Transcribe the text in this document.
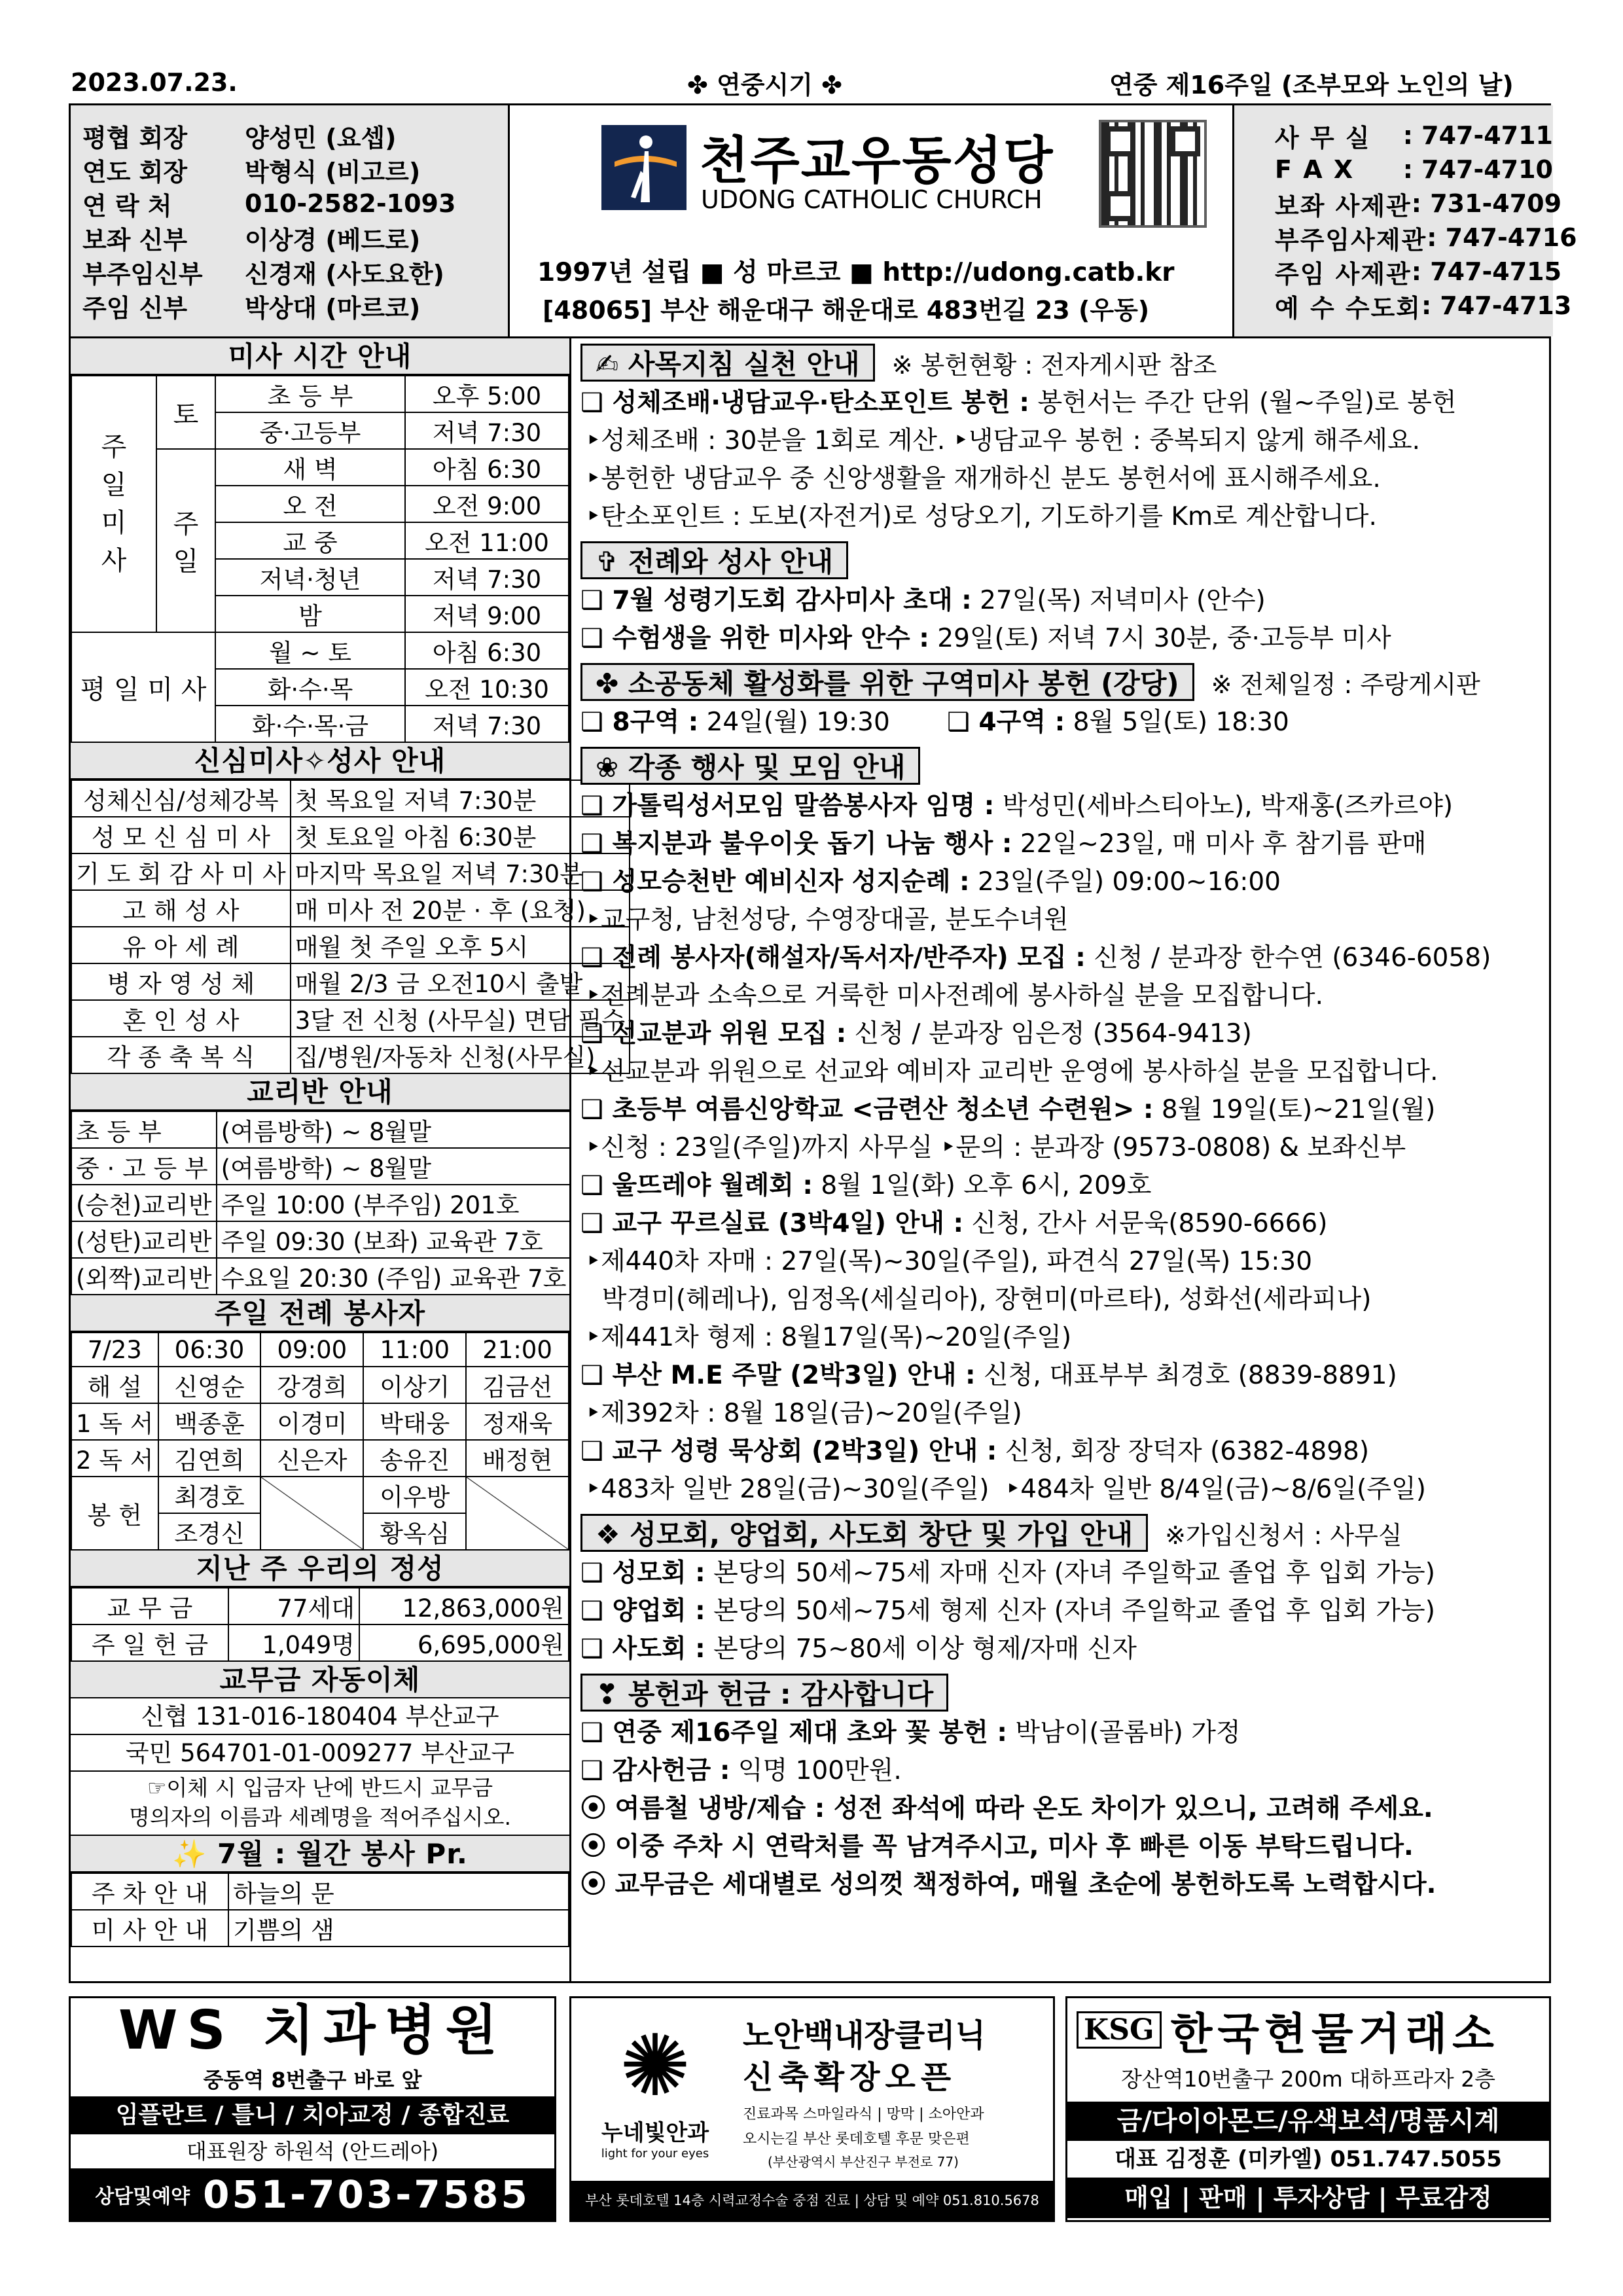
2023.07.23.	✤ 연중시기 ✤	연중 제16주일 (조부모와 노인의 날)
평협 회장	양성민 (요셉)
연도 회장	박형식 (비고르)
연 락 처	010-2582-1093
보좌 신부	이상경 (베드로)
부주임신부	신경재 (사도요한)
주임 신부	박상대 (마르코)
천주교우동성당
UDONG CATHOLIC CHURCH
1997년 설립 ■ 성 마르코 ■ http://udong.catb.kr
[48065] 부산 해운대구 해운대로 483번길 23 (우동)
사 무 실	: 747-4711
F A X	: 747-4710
보좌 사제관 : 731-4709
부주임사제관 : 747-4716
주임 사제관 : 747-4715
예 수 수도회 : 747-4713
미사 시간 안내
주일미사	토	초 등 부	오후 5:00
		중·고등부	저녁 7:30
	주일	새 벽	아침 6:30
		오 전	오전 9:00
		교 중	오전 11:00
		저녁·청년	저녁 7:30
		밤	저녁 9:00
평 일 미 사		월 ~ 토	아침 6:30
		화·수·목	오전 10:30
		화·수·목·금	저녁 7:30
신심미사✧성사 안내
성체신심/성체강복	첫 목요일 저녁 7:30분
성 모 신 심 미 사	첫 토요일 아침 6:30분
기 도 회 감 사 미 사	마지막 목요일 저녁 7:30분
고 해 성 사	매 미사 전 20분 · 후 (요청)
유 아 세 례	매월 첫 주일 오후 5시
병 자 영 성 체	매월 2/3 금 오전10시 출발
혼 인 성 사	3달 전 신청 (사무실) 면담 필수
각 종 축 복 식	집/병원/자동차 신청(사무실)
교리반 안내
초 등 부	(여름방학) ~ 8월말
중 · 고 등 부	(여름방학) ~ 8월말
(승천)교리반	주일 10:00 (부주임) 201호
(성탄)교리반	주일 09:30 (보좌) 교육관 7호
(외짝)교리반	수요일 20:30 (주임) 교육관 7호
주일 전례 봉사자
7/23	06:30	09:00	11:00	21:00
해 설	신영순	강경희	이상기	김금선
1 독 서	백종훈	이경미	박태웅	정재욱
2 독 서	김연희	신은자	송유진	배정현
봉 헌	최경호		이우방	
	조경신		황옥심	
지난 주 우리의 정성
교 무 금	77세대	12,863,000원
주 일 헌 금	1,049명	6,695,000원
교무금 자동이체
신협 131-016-180404 부산교구
국민 564701-01-009277 부산교구
☞이체 시 입금자 난에 반드시 교무금
명의자의 이름과 세례명을 적어주십시오.
✨ 7월 : 월간 봉사 Pr.
주 차 안 내	하늘의 문
미 사 안 내	기쁨의 샘
✍ 사목지침 실천 안내	※ 봉헌현황 : 전자게시판 참조
❑ 성체조배·냉담교우·탄소포인트 봉헌 : 봉헌서는 주간 단위 (월~주일)로 봉헌
‣성체조배 : 30분을 1회로 계산. ‣냉담교우 봉헌 : 중복되지 않게 해주세요.
‣봉헌한 냉담교우 중 신앙생활을 재개하신 분도 봉헌서에 표시해주세요.
‣탄소포인트 : 도보(자전거)로 성당오기, 기도하기를 Km로 계산합니다.
✞ 전례와 성사 안내
❑ 7월 성령기도회 감사미사 초대 : 27일(목) 저녁미사 (안수)
❑ 수험생을 위한 미사와 안수 : 29일(토) 저녁 7시 30분, 중·고등부 미사
✤ 소공동체 활성화를 위한 구역미사 봉헌 (강당)	※ 전체일정 : 주랑게시판
❑ 8구역 : 24일(월) 19:30   ❑ 4구역 : 8월 5일(토) 18:30
❀ 각종 행사 및 모임 안내
❑ 가톨릭성서모임 말씀봉사자 임명 : 박성민(세바스티아노), 박재홍(즈카르야)
❑ 복지분과 불우이웃 돕기 나눔 행사 : 22일~23일, 매 미사 후 참기름 판매
❑ 성모승천반 예비신자 성지순례 : 23일(주일) 09:00~16:00
‣교구청, 남천성당, 수영장대골, 분도수녀원
❑ 전례 봉사자(해설자/독서자/반주자) 모집 : 신청 / 분과장 한수연 (6346-6058)
‣전례분과 소속으로 거룩한 미사전례에 봉사하실 분을 모집합니다.
❑ 선교분과 위원 모집 : 신청 / 분과장 임은정 (3564-9413)
‣선교분과 위원으로 선교와 예비자 교리반 운영에 봉사하실 분을 모집합니다.
❑ 초등부 여름신앙학교 <금련산 청소년 수련원> : 8월 19일(토)~21일(월)
‣신청 : 23일(주일)까지 사무실 ‣문의 : 분과장 (9573-0808) & 보좌신부
❑ 울뜨레야 월례회 : 8월 1일(화) 오후 6시, 209호
❑ 교구 꾸르실료 (3박4일) 안내 : 신청, 간사 서문욱(8590-6666)
‣제440차 자매 : 27일(목)~30일(주일), 파견식 27일(목) 15:30
박경미(헤레나), 임정옥(세실리아), 장현미(마르타), 성화선(세라피나)
‣제441차 형제 : 8월17일(목)~20일(주일)
❑ 부산 M.E 주말 (2박3일) 안내 : 신청, 대표부부 최경호 (8839-8891)
‣제392차 : 8월 18일(금)~20일(주일)
❑ 교구 성령 묵상회 (2박3일) 안내 : 신청, 회장 장덕자 (6382-4898)
‣483차 일반 28일(금)~30일(주일)  ‣484차 일반 8/4일(금)~8/6일(주일)
❖ 성모회, 양업회, 사도회 창단 및 가입 안내	※가입신청서 : 사무실
❑ 성모회 : 본당의 50세~75세 자매 신자 (자녀 주일학교 졸업 후 입회 가능)
❑ 양업회 : 본당의 50세~75세 형제 신자 (자녀 주일학교 졸업 후 입회 가능)
❑ 사도회 : 본당의 75~80세 이상 형제/자매 신자
❣ 봉헌과 헌금 : 감사합니다
❑ 연중 제16주일 제대 초와 꽃 봉헌 : 박남이(골롬바) 가정
❑ 감사헌금 : 익명 100만원.
⦿ 여름철 냉방/제습 : 성전 좌석에 따라 온도 차이가 있으니, 고려해 주세요.
⦿ 이중 주차 시 연락처를 꼭 남겨주시고, 미사 후 빠른 이동 부탁드립니다.
⦿ 교무금은 세대별로 성의껏 책정하여, 매월 초순에 봉헌하도록 노력합시다.
WS 치과병원
중동역 8번출구 바로 앞
임플란트 / 틀니 / 치아교정 / 종합진료
대표원장 하원석 (안드레아)
상담및예약 051-703-7585
✺
누네빛안과
light for your eyes
노안백내장클리닉
신축확장오픈
진료과목 스마일라식 | 망막 | 소아안과
오시는길 부산 롯데호텔 후문 맞은편
(부산광역시 부산진구 부전로 77)
부산 롯데호텔 14층 시력교정수술 중점 진료 | 상담 및 예약 051.810.5678
KSG 한국현물거래소
장산역10번출구 200m 대하프라자 2층
금/다이아몬드/유색보석/명품시계
대표 김정훈 (미카엘) 051.747.5055
매입 | 판매 | 투자상담 | 무료감정
